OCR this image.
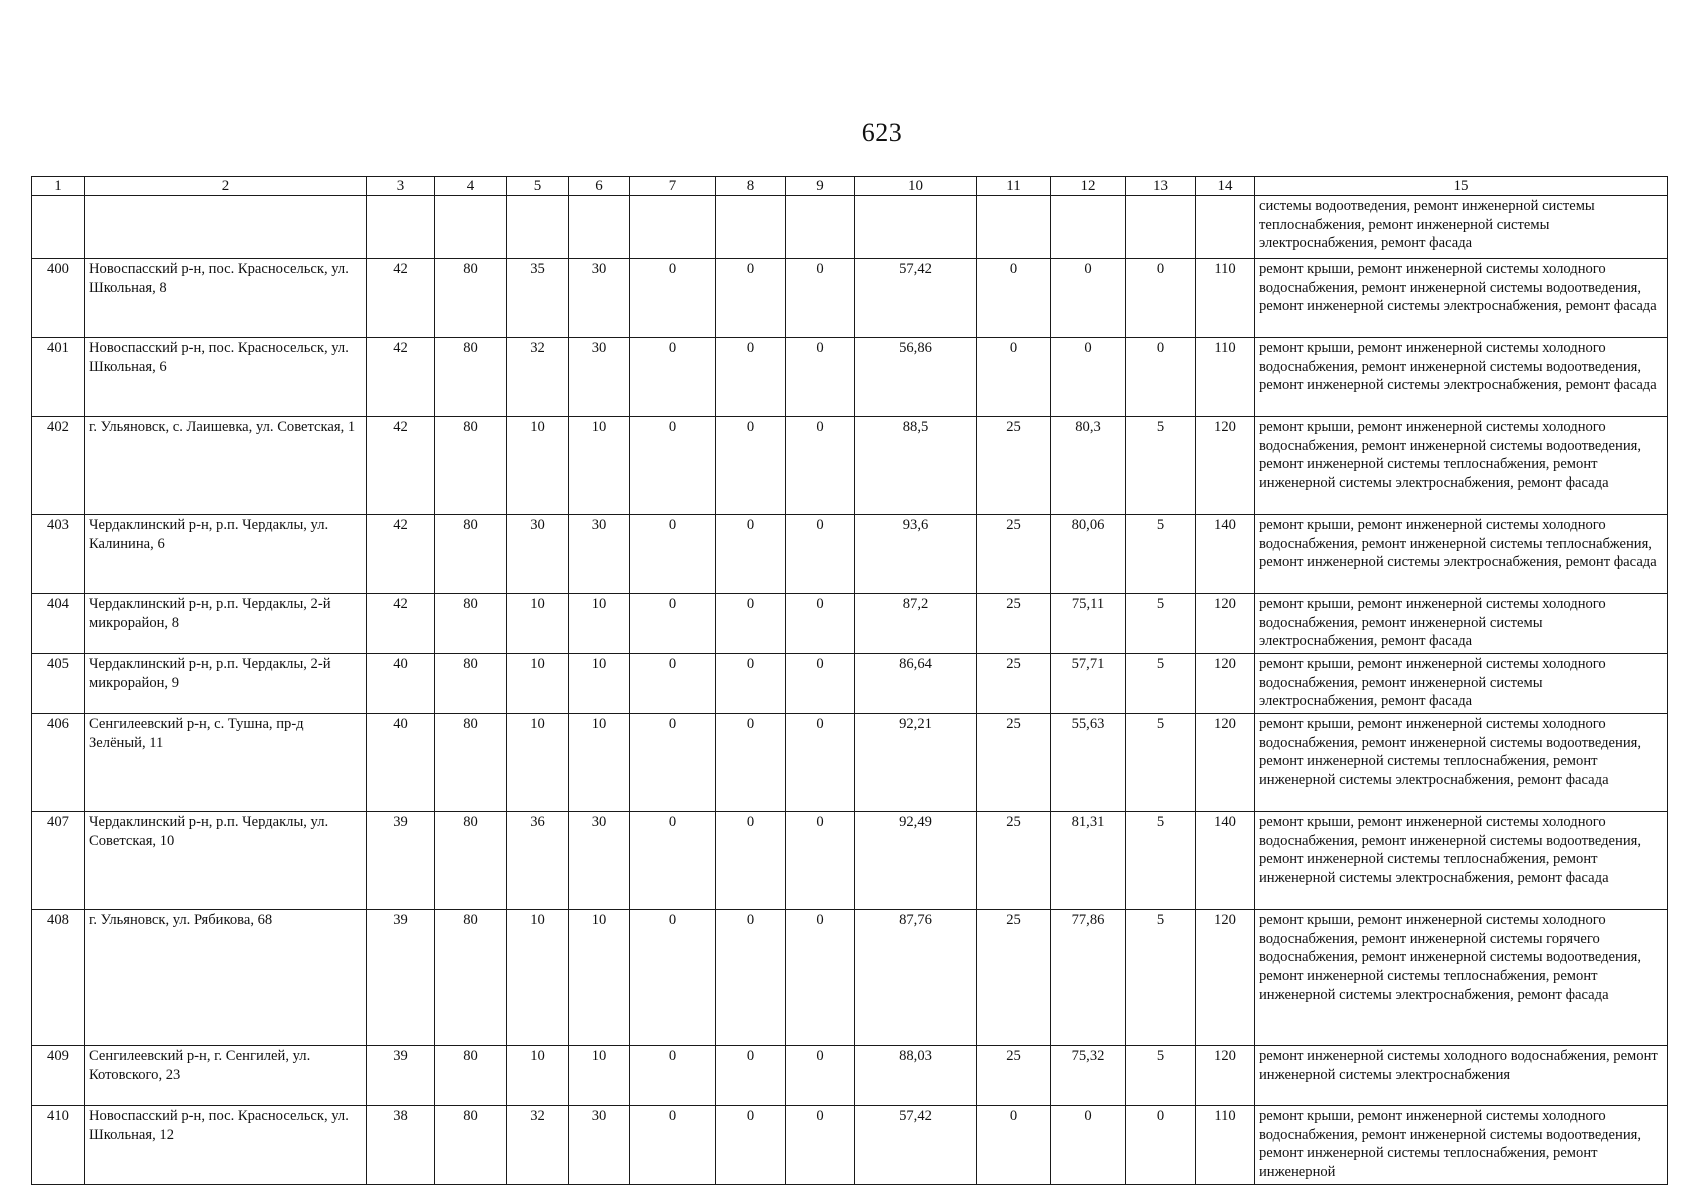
623
1	2	3	4	5	6	7	8	9	10	11	12	13	14	15
														системы водоотведения, ремонт инженерной системы теплоснабжения, ремонт инженерной системы электроснабжения, ремонт фасада
400	Новоспасский р-н, пос. Красносельск, ул. Школьная, 8	42	80	35	30	0	0	0	57,42	0	0	0	110	ремонт крыши, ремонт инженерной системы холодного водоснабжения, ремонт инженерной системы водоотведения, ремонт инженерной системы электроснабжения, ремонт фасада
401	Новоспасский р-н, пос. Красносельск, ул. Школьная, 6	42	80	32	30	0	0	0	56,86	0	0	0	110	ремонт крыши, ремонт инженерной системы холодного водоснабжения, ремонт инженерной системы водоотведения, ремонт инженерной системы электроснабжения, ремонт фасада
402	г. Ульяновск, с. Лаишевка, ул. Советская, 1	42	80	10	10	0	0	0	88,5	25	80,3	5	120	ремонт крыши, ремонт инженерной системы холодного водоснабжения, ремонт инженерной системы водоотведения, ремонт инженерной системы теплоснабжения, ремонт инженерной системы электроснабжения, ремонт фасада
403	Чердаклинский р-н, р.п. Чердаклы, ул. Калинина, 6	42	80	30	30	0	0	0	93,6	25	80,06	5	140	ремонт крыши, ремонт инженерной системы холодного водоснабжения, ремонт инженерной системы теплоснабжения, ремонт инженерной системы электроснабжения, ремонт фасада
404	Чердаклинский р-н, р.п. Чердаклы, 2-й микрорайон, 8	42	80	10	10	0	0	0	87,2	25	75,11	5	120	ремонт крыши, ремонт инженерной системы холодного водоснабжения, ремонт инженерной системы электроснабжения, ремонт фасада
405	Чердаклинский р-н, р.п. Чердаклы, 2-й микрорайон, 9	40	80	10	10	0	0	0	86,64	25	57,71	5	120	ремонт крыши, ремонт инженерной системы холодного водоснабжения, ремонт инженерной системы электроснабжения, ремонт фасада
406	Сенгилеевский р-н, с. Тушна, пр-д Зелёный, 11	40	80	10	10	0	0	0	92,21	25	55,63	5	120	ремонт крыши, ремонт инженерной системы холодного водоснабжения, ремонт инженерной системы водоотведения, ремонт инженерной системы теплоснабжения, ремонт инженерной системы электроснабжения, ремонт фасада
407	Чердаклинский р-н, р.п. Чердаклы, ул. Советская, 10	39	80	36	30	0	0	0	92,49	25	81,31	5	140	ремонт крыши, ремонт инженерной системы холодного водоснабжения, ремонт инженерной системы водоотведения, ремонт инженерной системы теплоснабжения, ремонт инженерной системы электроснабжения, ремонт фасада
408	г. Ульяновск, ул. Рябикова, 68	39	80	10	10	0	0	0	87,76	25	77,86	5	120	ремонт крыши, ремонт инженерной системы холодного водоснабжения, ремонт инженерной системы горячего водоснабжения, ремонт инженерной системы водоотведения, ремонт инженерной системы теплоснабжения, ремонт инженерной системы электроснабжения, ремонт фасада
409	Сенгилеевский р-н, г. Сенгилей, ул. Котовского, 23	39	80	10	10	0	0	0	88,03	25	75,32	5	120	ремонт инженерной системы холодного водоснабжения, ремонт инженерной системы электроснабжения
410	Новоспасский р-н, пос. Красносельск, ул. Школьная, 12	38	80	32	30	0	0	0	57,42	0	0	0	110	ремонт крыши, ремонт инженерной системы холодного водоснабжения, ремонт инженерной системы водоотведения, ремонт инженерной системы теплоснабжения, ремонт инженерной
